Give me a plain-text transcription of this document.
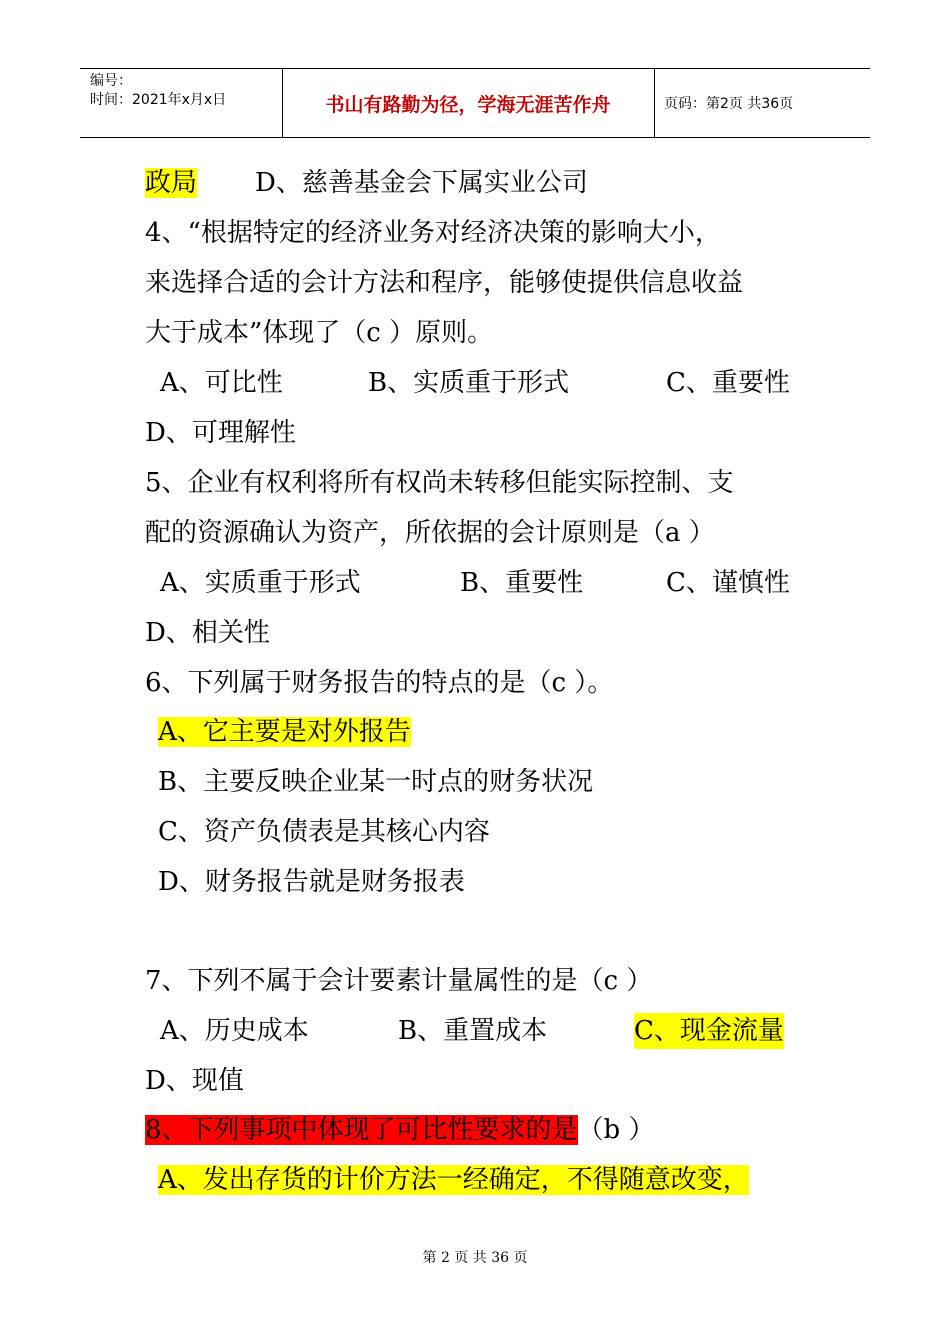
编号：
时间：2021年x月x日	书山有路勤为径，学海无涯苦作舟	页码：第2页 共36页
政局 D、慈善基金会下属实业公司
4、“根据特定的经济业务对经济决策的影响大小，
来选择合适的会计方法和程序，能够使提供信息收益
大于成本”体现了（c ）原则。
A、可比性	B、实质重于形式	C、重要性
D、可理解性
5、企业有权利将所有权尚未转移但能实际控制、支
配的资源确认为资产，所依据的会计原则是（a ）
A、实质重于形式	B、重要性	C、谨慎性
D、相关性
6、下列属于财务报告的特点的是（c ）。
A、它主要是对外报告
B、主要反映企业某一时点的财务状况
C、资产负债表是其核心内容
D、财务报告就是财务报表
7、下列不属于会计要素计量属性的是（c ）
A、历史成本	B、重置成本	C、现金流量
D、现值
8、下列事项中体现了可比性要求的是（b ）
A、发出存货的计价方法一经确定，不得随意改变，
第 2 页 共 36 页
